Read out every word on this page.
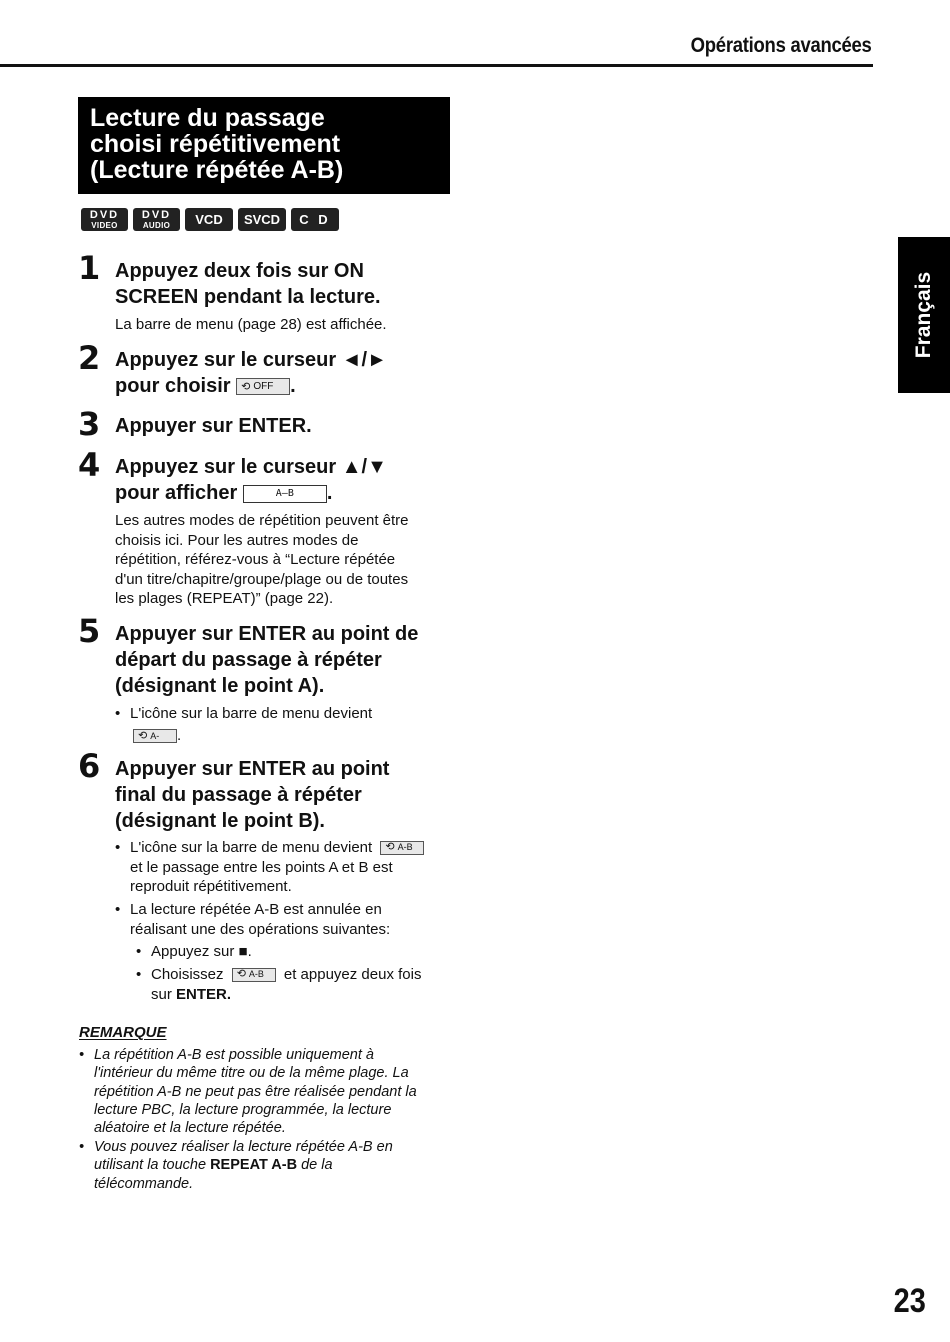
Opérations avancées
Lecture du passage
choisi répétitivement
(Lecture répétée A-B)
DVD
VIDEO
DVD
AUDIO	VCD	SVCD	C D
1 Appuyez deux fois sur ON
SCREEN pendant la lecture.
La barre de menu (page 28) est affichée.
2 Appuyez sur le curseur ◄/►
pour choisir ⟲ OFF .
3 Appuyer sur ENTER.
4 Appuyez sur le curseur ▲/▼
pour afficher	A—B .
Les autres modes de répétition peuvent être
choisis ici. Pour les autres modes de
répétition, référez-vous à “Lecture répétée
d'un titre/chapitre/groupe/plage ou de toutes
les plages (REPEAT)” (page 22).
5 Appuyer sur ENTER au point de
départ du passage à répéter
(désignant le point A).
• L'icône sur la barre de menu devient
⟲ A- .
6 Appuyer sur ENTER au point
final du passage à répéter
(désignant le point B).
• L'icône sur la barre de menu devient ⟲ A-B
et le passage entre les points A et B est
reproduit répétitivement.
• La lecture répétée A-B est annulée en
réalisant une des opérations suivantes:
• Appuyez sur ■.
• Choisissez ⟲ A-B et appuyez deux fois
sur ENTER.
REMARQUE
• La répétition A-B est possible uniquement à
l'intérieur du même titre ou de la même plage. La
répétition A-B ne peut pas être réalisée pendant la
lecture PBC, la lecture programmée, la lecture
aléatoire et la lecture répétée.
• Vous pouvez réaliser la lecture répétée A-B en
utilisant la touche REPEAT A-B de la
télécommande.
Français
23
